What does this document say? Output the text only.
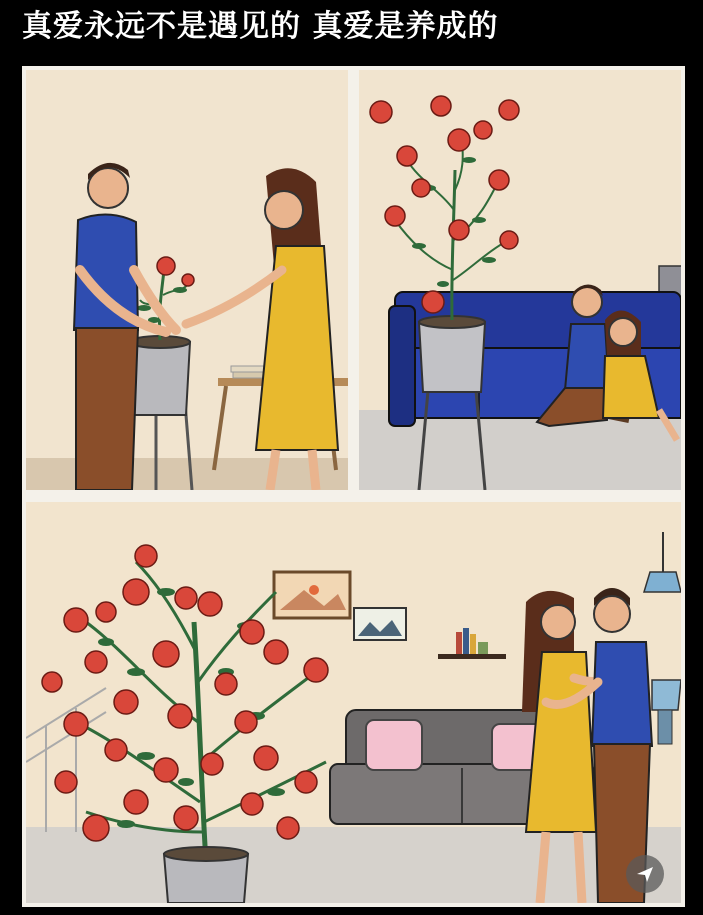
真爱永远不是遇见的 真爱是养成的
